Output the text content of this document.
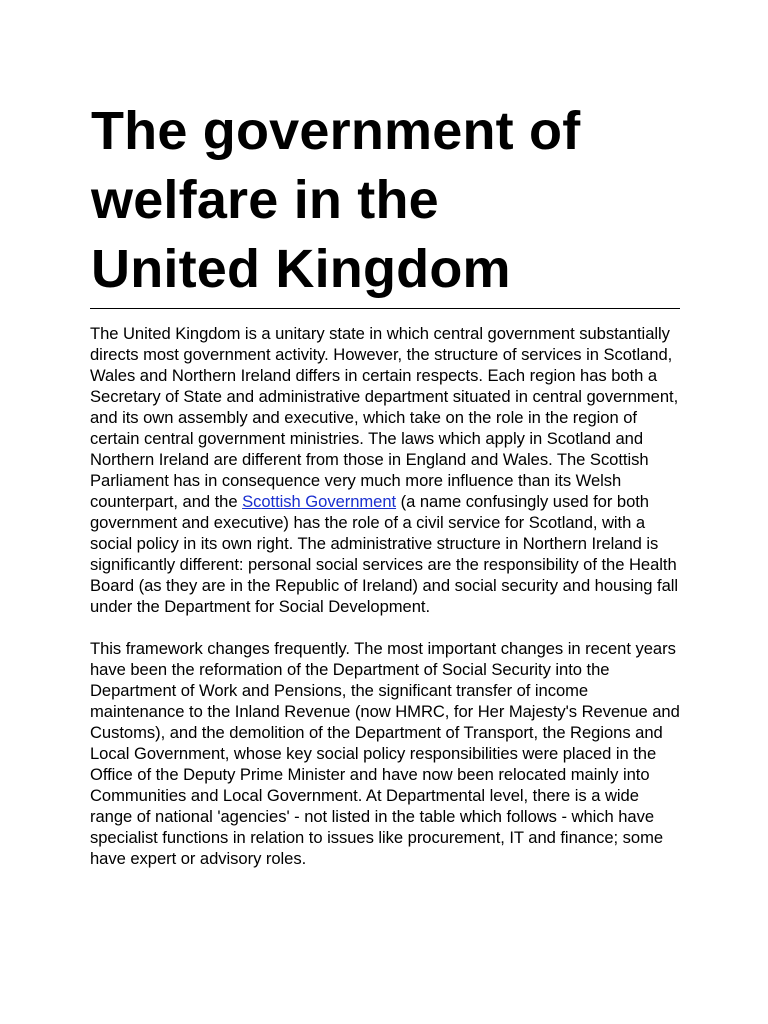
The government of
welfare in the
United Kingdom

The United Kingdom is a unitary state in which central government substantially directs most government activity. However, the structure of services in Scotland, Wales and Northern Ireland differs in certain respects. Each region has both a Secretary of State and administrative department situated in central government, and its own assembly and executive, which take on the role in the region of certain central government ministries. The laws which apply in Scotland and Northern Ireland are different from those in England and Wales. The Scottish Parliament has in consequence very much more influence than its Welsh counterpart, and the Scottish Government (a name confusingly used for both government and executive) has the role of a civil service for Scotland, with a social policy in its own right. The administrative structure in Northern Ireland is significantly different: personal social services are the responsibility of the Health Board (as they are in the Republic of Ireland) and social security and housing fall under the Department for Social Development.

This framework changes frequently. The most important changes in recent years have been the reformation of the Department of Social Security into the Department of Work and Pensions, the significant transfer of income maintenance to the Inland Revenue (now HMRC, for Her Majesty's Revenue and Customs), and the demolition of the Department of Transport, the Regions and Local Government, whose key social policy responsibilities were placed in the Office of the Deputy Prime Minister and have now been relocated mainly into Communities and Local Government. At Departmental level, there is a wide range of national 'agencies' - not listed in the table which follows - which have specialist functions in relation to issues like procurement, IT and finance; some have expert or advisory roles.
